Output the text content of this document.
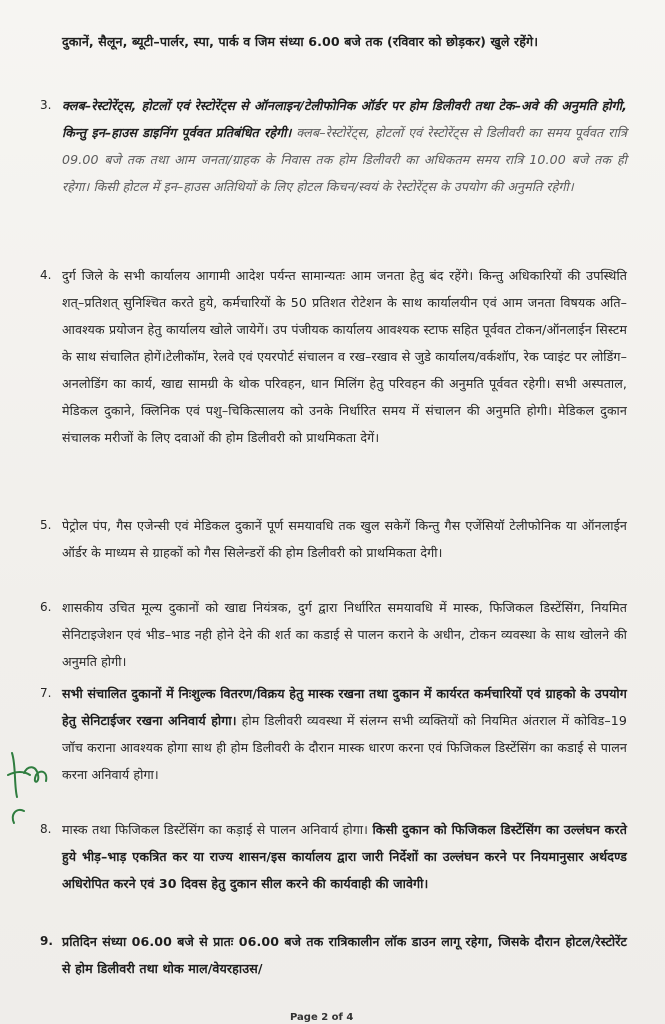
दुकानें, सैलून, ब्यूटी–पार्लर, स्पा, पार्क व जिम संध्या 6.00 बजे तक (रविवार को छोड़कर) खुले रहेंगे।
3. क्लब–रेस्टोरेंट्स, होटलों एवं रेस्टोरेंट्स से ऑनलाइन/टेलीफोनिक ऑर्डर पर होम डिलीवरी तथा टेक–अवे की अनुमति होगी, किन्तु इन–हाउस डाइनिंग पूर्ववत प्रतिबंधित रहेगी। क्लब–रेस्टोरेंट्स, होटलों एवं रेस्टोरेंट्स से डिलीवरी का समय पूर्ववत रात्रि 09.00 बजे तक तथा आम जनता/ग्राहक के निवास तक होम डिलीवरी का अधिकतम समय रात्रि 10.00 बजे तक ही रहेगा। किसी होटल में इन–हाउस अतिथियों के लिए होटल किचन/स्वयं के रेस्टोरेंट्स के उपयोग की अनुमति रहेगी।
4. दुर्ग जिले के सभी कार्यालय आगामी आदेश पर्यन्त सामान्यतः आम जनता हेतु बंद रहेंगे। किन्तु अधिकारियों की उपस्थिति शत्–प्रतिशत् सुनिश्चित करते हुये, कर्मचारियों के 50 प्रतिशत रोटेशन के साथ कार्यालयीन एवं आम जनता विषयक अति–आवश्यक प्रयोजन हेतु कार्यालय खोले जायेगें। उप पंजीयक कार्यालय आवश्यक स्टाफ सहित पूर्ववत टोकन/ऑनलाईन सिस्टम के साथ संचालित होगें।टेलीकॉम, रेलवे एवं एयरपोर्ट संचालन व रख–रखाव से जुडे कार्यालय/वर्कशॉप, रेक प्वाइंट पर लोडिंग–अनलोडिंग का कार्य, खाद्य सामग्री के थोक परिवहन, धान मिलिंग हेतु परिवहन की अनुमति पूर्ववत रहेगी। सभी अस्पताल, मेडिकल दुकाने, क्लिनिक एवं पशु–चिकित्सालय को उनके निर्धारित समय में संचालन की अनुमति होगी। मेडिकल दुकान संचालक मरीजों के लिए दवाओं की होम डिलीवरी को प्राथमिकता देगें।
5. पेट्रोल पंप, गैस एजेन्सी एवं मेडिकल दुकानें पूर्ण समयावधि तक खुल सकेगें किन्तु गैस एजेंसियॉ टेलीफोनिक या ऑनलाईन ऑर्डर के माध्यम से ग्राहकों को गैस सिलेन्डरों की होम डिलीवरी को प्राथमिकता देगी।
6. शासकीय उचित मूल्य दुकानों को खाद्य नियंत्रक, दुर्ग द्वारा निर्धारित समयावधि में मास्क, फिजिकल डिस्टेंसिंग, नियमित सेनिटाइजेशन एवं भीड–भाड नही होने देने की शर्त का कडाई से पालन कराने के अधीन, टोकन व्यवस्था के साथ खोलने की अनुमति होगी।
7. सभी संचालित दुकानों में निःशुल्क वितरण/विक्रय हेतु मास्क रखना तथा दुकान में कार्यरत कर्मचारियों एवं ग्राहको के उपयोग हेतु सेनिटाईजर रखना अनिवार्य होगा। होम डिलीवरी व्यवस्था में संलग्न सभी व्यक्तियों को नियमित अंतराल में कोविड–19 जॉच कराना आवश्यक होगा साथ ही होम डिलीवरी के दौरान मास्क धारण करना एवं फिजिकल डिस्टेंसिंग का कडाई से पालन करना अनिवार्य होगा।
8. मास्क तथा फिजिकल डिस्टेंसिंग का कड़ाई से पालन अनिवार्य होगा। किसी दुकान को फिजिकल डिस्टेंसिंग का उल्लंघन करते हुये भीड़–भाड़ एकत्रित कर या राज्य शासन/इस कार्यालय द्वारा जारी निर्देशों का उल्लंघन करने पर नियमानुसार अर्थदण्ड अधिरोपित करने एवं 30 दिवस हेतु दुकान सील करने की कार्यवाही की जावेगी।
9. प्रतिदिन संध्या 06.00 बजे से प्रातः 06.00 बजे तक रात्रिकालीन लॉक डाउन लागू रहेगा, जिसके दौरान होटल/रेस्टोरेंट से होम डिलीवरी तथा थोक माल/वेयरहाउस/
Page 2 of 4
